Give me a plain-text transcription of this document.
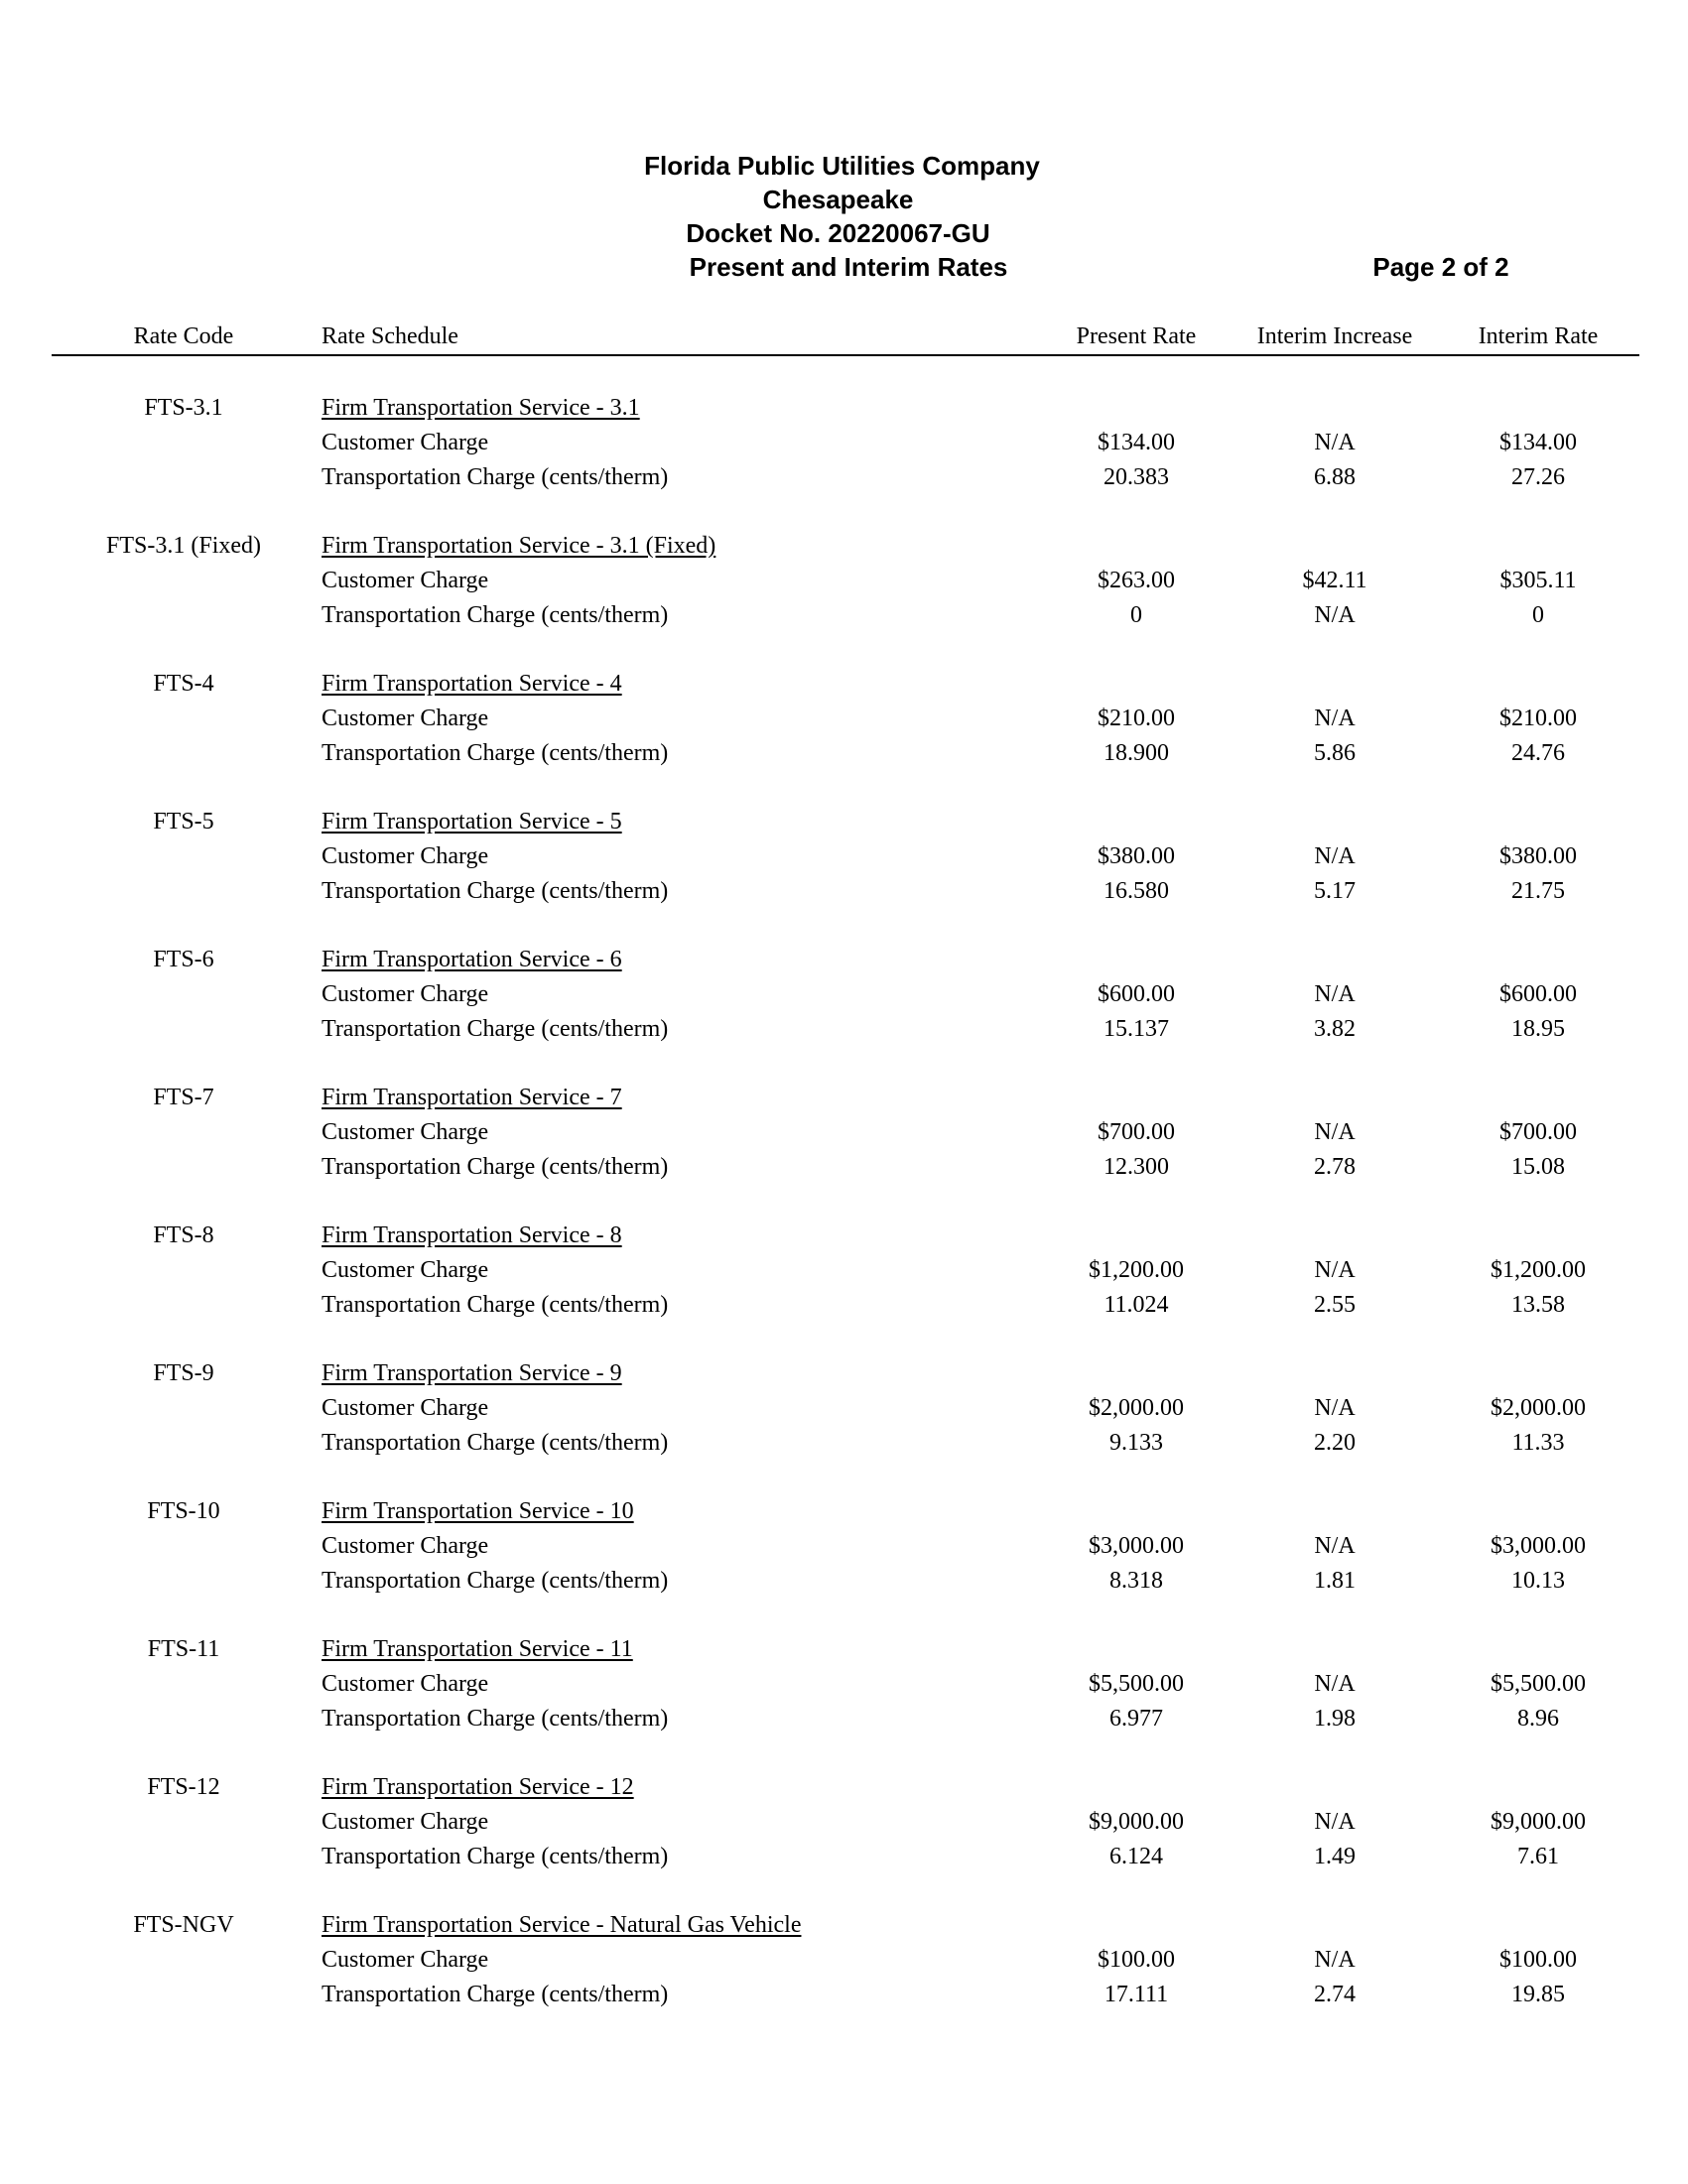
Florida Public Utilities Company
Chesapeake
Docket No. 20220067-GU
Present and Interim Rates	Page 2 of 2
Rate Code	Rate Schedule	Present Rate	Interim Increase	Interim Rate
FTS-3.1	Firm Transportation Service - 3.1
Customer Charge	$134.00	N/A	$134.00
Transportation Charge (cents/therm)	20.383	6.88	27.26
FTS-3.1 (Fixed)	Firm Transportation Service - 3.1 (Fixed)
Customer Charge	$263.00	$42.11	$305.11
Transportation Charge (cents/therm)	0	N/A	0
FTS-4	Firm Transportation Service - 4
Customer Charge	$210.00	N/A	$210.00
Transportation Charge (cents/therm)	18.900	5.86	24.76
FTS-5	Firm Transportation Service - 5
Customer Charge	$380.00	N/A	$380.00
Transportation Charge (cents/therm)	16.580	5.17	21.75
FTS-6	Firm Transportation Service - 6
Customer Charge	$600.00	N/A	$600.00
Transportation Charge (cents/therm)	15.137	3.82	18.95
FTS-7	Firm Transportation Service - 7
Customer Charge	$700.00	N/A	$700.00
Transportation Charge (cents/therm)	12.300	2.78	15.08
FTS-8	Firm Transportation Service - 8
Customer Charge	$1,200.00	N/A	$1,200.00
Transportation Charge (cents/therm)	11.024	2.55	13.58
FTS-9	Firm Transportation Service - 9
Customer Charge	$2,000.00	N/A	$2,000.00
Transportation Charge (cents/therm)	9.133	2.20	11.33
FTS-10	Firm Transportation Service - 10
Customer Charge	$3,000.00	N/A	$3,000.00
Transportation Charge (cents/therm)	8.318	1.81	10.13
FTS-11	Firm Transportation Service - 11
Customer Charge	$5,500.00	N/A	$5,500.00
Transportation Charge (cents/therm)	6.977	1.98	8.96
FTS-12	Firm Transportation Service - 12
Customer Charge	$9,000.00	N/A	$9,000.00
Transportation Charge (cents/therm)	6.124	1.49	7.61
FTS-NGV	Firm Transportation Service - Natural Gas Vehicle
Customer Charge	$100.00	N/A	$100.00
Transportation Charge (cents/therm)	17.111	2.74	19.85
